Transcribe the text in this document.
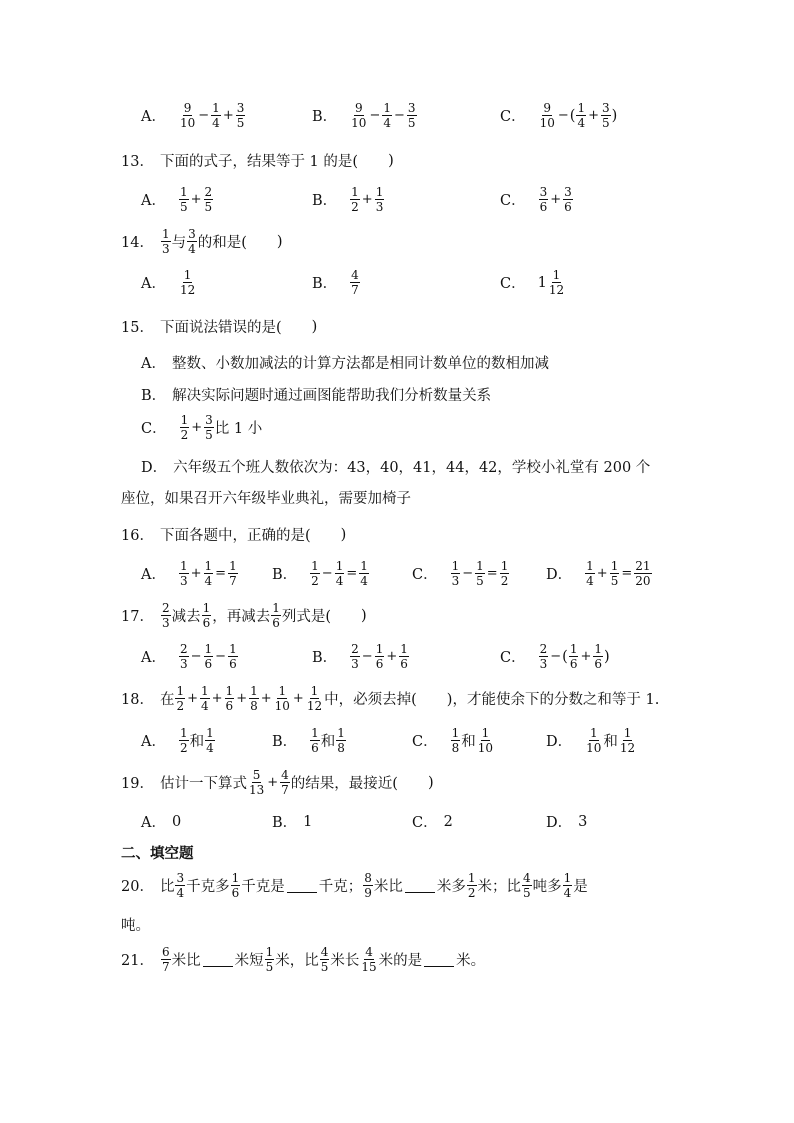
A．
9
$10 - \frac{1}{4} + \frac{3}{5}$	B．
9
$10 - \frac{1}{4} - \frac{3}{5}$	C．
9
10 − ( 1
$4 + \frac{3}{5}$ )
13． 下面的式子，结果等于 1 的是( )
A．
1
$5 + \frac{2}{5}$	B．
1
$2 + \frac{1}{3}$	C．
3
$6 + \frac{3}{6}$
14．
1
3 与
3
4 的和是( )
A．
1
12	B．
4
7	C． 1 1
12
15． 下面说法错误的是( )
A． 整数、小数加减法的计算方法都是相同计数单位的数相加减
B． 解决实际问题时通过画图能帮助我们分析数量关系
C．
1
$2 + \frac{3}{5}$ 比 1 小
D． 六年级五个班人数依次为：43，40，41，44，42，学校小礼堂有 200 个
座位，如果召开六年级毕业典礼，需要加椅子
16． 下面各题中，正确的是( )
A．
1
$3 + \frac{1}{4} = \frac{1}{7}$ B．
1
$2 - \frac{1}{4} = \frac{1}{4}$	C．
1
$3 - \frac{1}{5} = \frac{1}{2}$	D．
1
$4 + \frac{1}{5} = \frac{21}{20}$
17．
2
3 减去
1
6 ，再减去
1
6 列式是( )
A．
2
$3 - \frac{1}{6} - \frac{1}{6}$	B．
2
$3 - \frac{1}{6} + \frac{1}{6}$	C．
2
3 − ( 1
$6 + \frac{1}{6}$ )
18． 在
1
$2 + \frac{1}{4} + \frac{1}{6} + \frac{1}{8} + \frac{1}{10} + \frac{1}{12}$ 中，必须去掉( )，才能使余下的分数之和等于 1.
A．
1
2 和
1
4	B．
1
6 和
1
8	C．
1
8 和
1
10	D．
1
10 和
1
12
19． 估计一下算式
5
$13 + \frac{4}{7}$ 的结果，最接近( )
A． 0	B． 1	C． 2	D． 3
二、填空题
20． 比
3
4 千克多
1
6 千克是 千克；
8
9 米比 米多
1
2 米；比
4
5 吨多
1
4 是
吨。
21．
6
7 米比 米短
1
5 米，比
4
5 米长
4
15 米的是 米。
